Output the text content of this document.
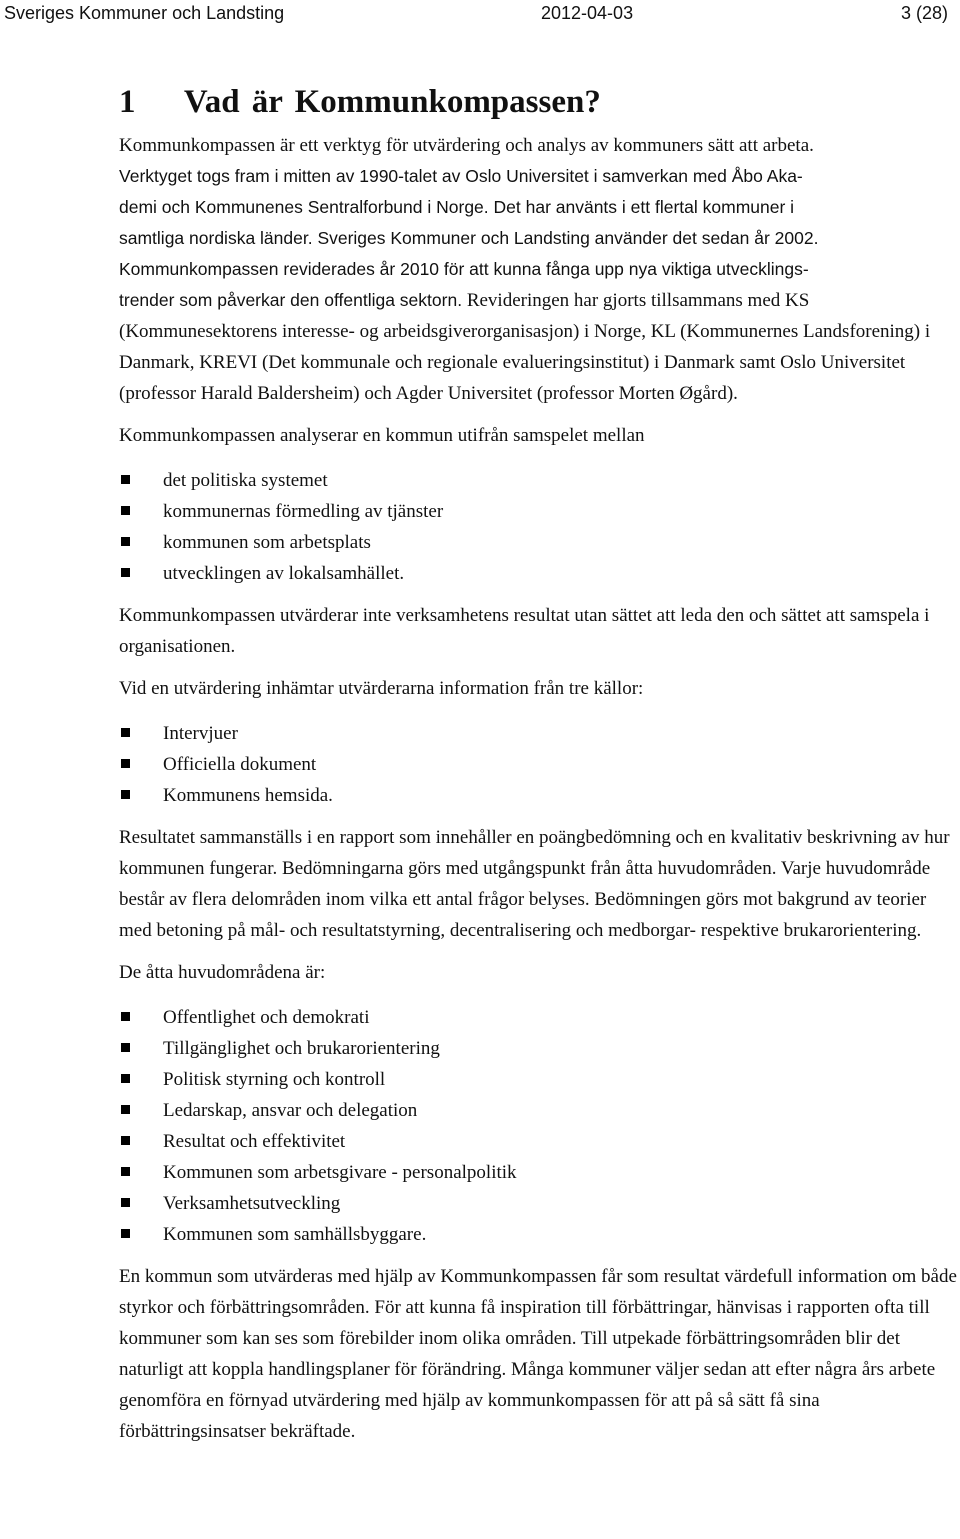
Sveriges Kommuner och Landsting	2012-04-03	3 (28)
1    Vad är Kommunkompassen?

Kommunkompassen är ett verktyg för utvärdering och analys av kommuners sätt att arbeta.
Verktyget togs fram i mitten av 1990-talet av Oslo Universitet i samverkan med Åbo Aka-
demi och Kommunenes Sentralforbund i Norge. Det har använts i ett flertal kommuner i
samtliga nordiska länder. Sveriges Kommuner och Landsting använder det sedan år 2002.
Kommunkompassen reviderades år 2010 för att kunna fånga upp nya viktiga utvecklings-
trender som påverkar den offentliga sektorn. Revideringen har gjorts tillsammans med KS (Kommunesektorens interesse- og arbeidsgiverorganisasjon) i Norge, KL (Kommunernes Landsforening) i Danmark, KREVI (Det kommunale och regionale evalueringsinstitut) i Danmark samt Oslo Universitet (professor Harald Baldersheim) och Agder Universitet (professor Morten Øgård).

Kommunkompassen analyserar en kommun utifrån samspelet mellan

det politiska systemet
kommunernas förmedling av tjänster
kommunen som arbetsplats
utvecklingen av lokalsamhället.

Kommunkompassen utvärderar inte verksamhetens resultat utan sättet att leda den och sättet att samspela i organisationen.

Vid en utvärdering inhämtar utvärderarna information från tre källor:

Intervjuer
Officiella dokument
Kommunens hemsida.

Resultatet sammanställs i en rapport som innehåller en poängbedömning och en kvalitativ beskrivning av hur kommunen fungerar. Bedömningarna görs med utgångspunkt från åtta huvudområden. Varje huvudområde består av flera delområden inom vilka ett antal frågor belyses. Bedömningen görs mot bakgrund av teorier med betoning på mål- och resultatstyrning, decentralisering och medborgar- respektive brukarorientering.

De åtta huvudområdena är:

Offentlighet och demokrati
Tillgänglighet och brukarorientering
Politisk styrning och kontroll
Ledarskap, ansvar och delegation
Resultat och effektivitet
Kommunen som arbetsgivare - personalpolitik
Verksamhetsutveckling
Kommunen som samhällsbyggare.

En kommun som utvärderas med hjälp av Kommunkompassen får som resultat värdefull information om både styrkor och förbättringsområden. För att kunna få inspiration till förbättringar, hänvisas i rapporten ofta till kommuner som kan ses som förebilder inom olika områden. Till utpekade förbättringsområden blir det naturligt att koppla handlingsplaner för förändring. Många kommuner väljer sedan att efter några års arbete genomföra en förnyad utvärdering med hjälp av kommunkompassen för att på så sätt få sina förbättringsinsatser bekräftade.
